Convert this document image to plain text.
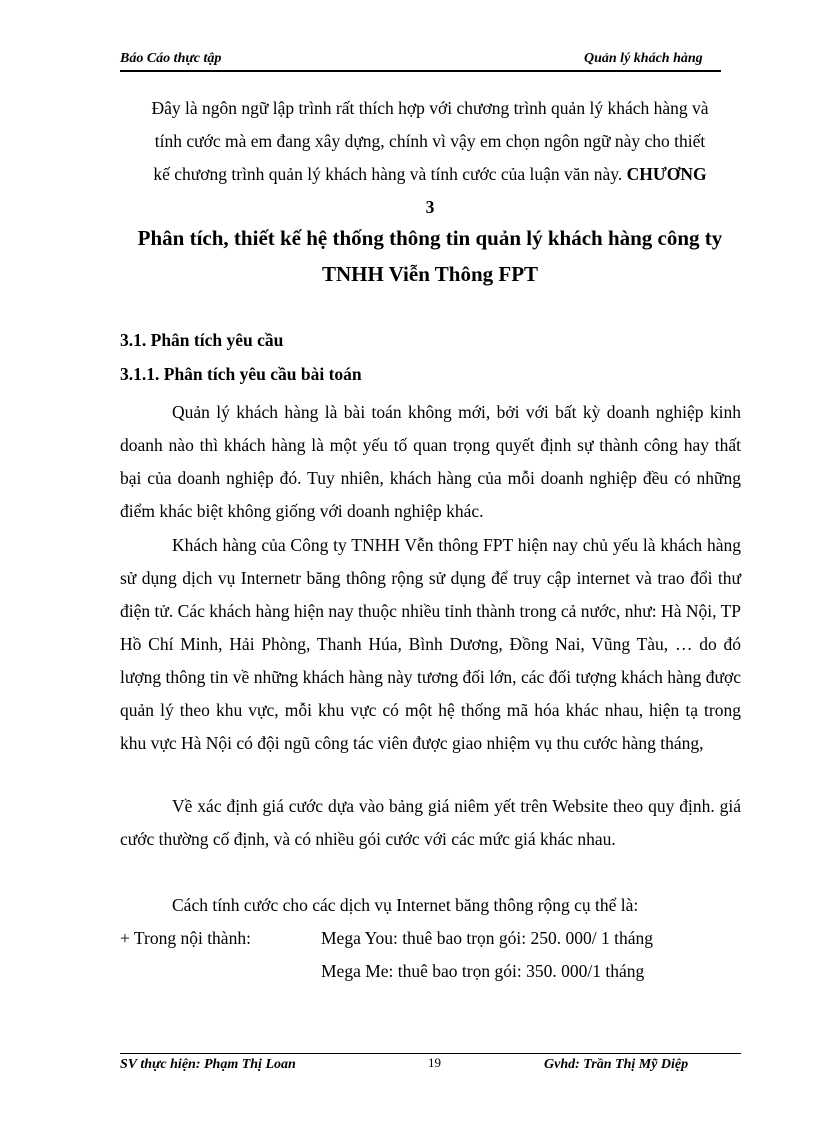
Báo Cáo thực tập	Quản lý khách hàng
Đây là ngôn ngữ lập trình rất thích hợp với chương trình quản lý khách hàng và
tính cước mà em đang xây dựng, chính vì vậy em chọn ngôn ngữ này cho thiết
kế chương trình quản lý khách hàng và tính cước của luận văn này. CHƯƠNG
3
Phân tích, thiết kế hệ thống thông tin quản lý khách hàng công ty
TNHH Viễn Thông FPT
3.1. Phân tích yêu cầu
3.1.1. Phân tích yêu cầu bài toán
Quản lý khách hàng là bài toán không mới, bởi với bất kỳ doanh nghiệp kinh doanh nào thì khách hàng là một yếu tố quan trọng quyết định sự thành công hay thất bại của doanh nghiệp đó. Tuy nhiên, khách hàng của mỗi doanh nghiệp đều có những điểm khác biệt không giống với doanh nghiệp khác.
Khách hàng của Công ty TNHH Vễn thông FPT hiện nay chủ yếu là khách hàng sử dụng dịch vụ Internetr băng thông rộng sử dụng để truy cập internet và trao đổi thư điện tử. Các khách hàng hiện nay thuộc nhiều tỉnh thành trong cả nước, như: Hà Nội, TP Hồ Chí Minh, Hải Phòng, Thanh Húa, Bình Dương, Đồng Nai, Vũng Tàu, … do đó lượng thông tin về những khách hàng này tương đối lớn, các đối tượng khách hàng được quản lý theo khu vực, mỗi khu vực có một hệ thống mã hóa khác nhau, hiện tạ trong khu vực Hà Nội có đội ngũ công tác viên được giao nhiệm vụ thu cước hàng tháng,
Về xác định giá cước dựa vào bảng giá niêm yết trên Website theo quy định. giá cước thường cố định, và có nhiều gói cước với các mức giá khác nhau.
Cách tính cước cho các dịch vụ Internet băng thông rộng cụ thể là:
+ Trong nội thành:	Mega You: thuê bao trọn gói: 250. 000/ 1 tháng
Mega Me: thuê bao trọn gói: 350. 000/1 tháng
SV thực hiện: Phạm Thị Loan	19	Gvhd: Trần Thị Mỹ Diệp
